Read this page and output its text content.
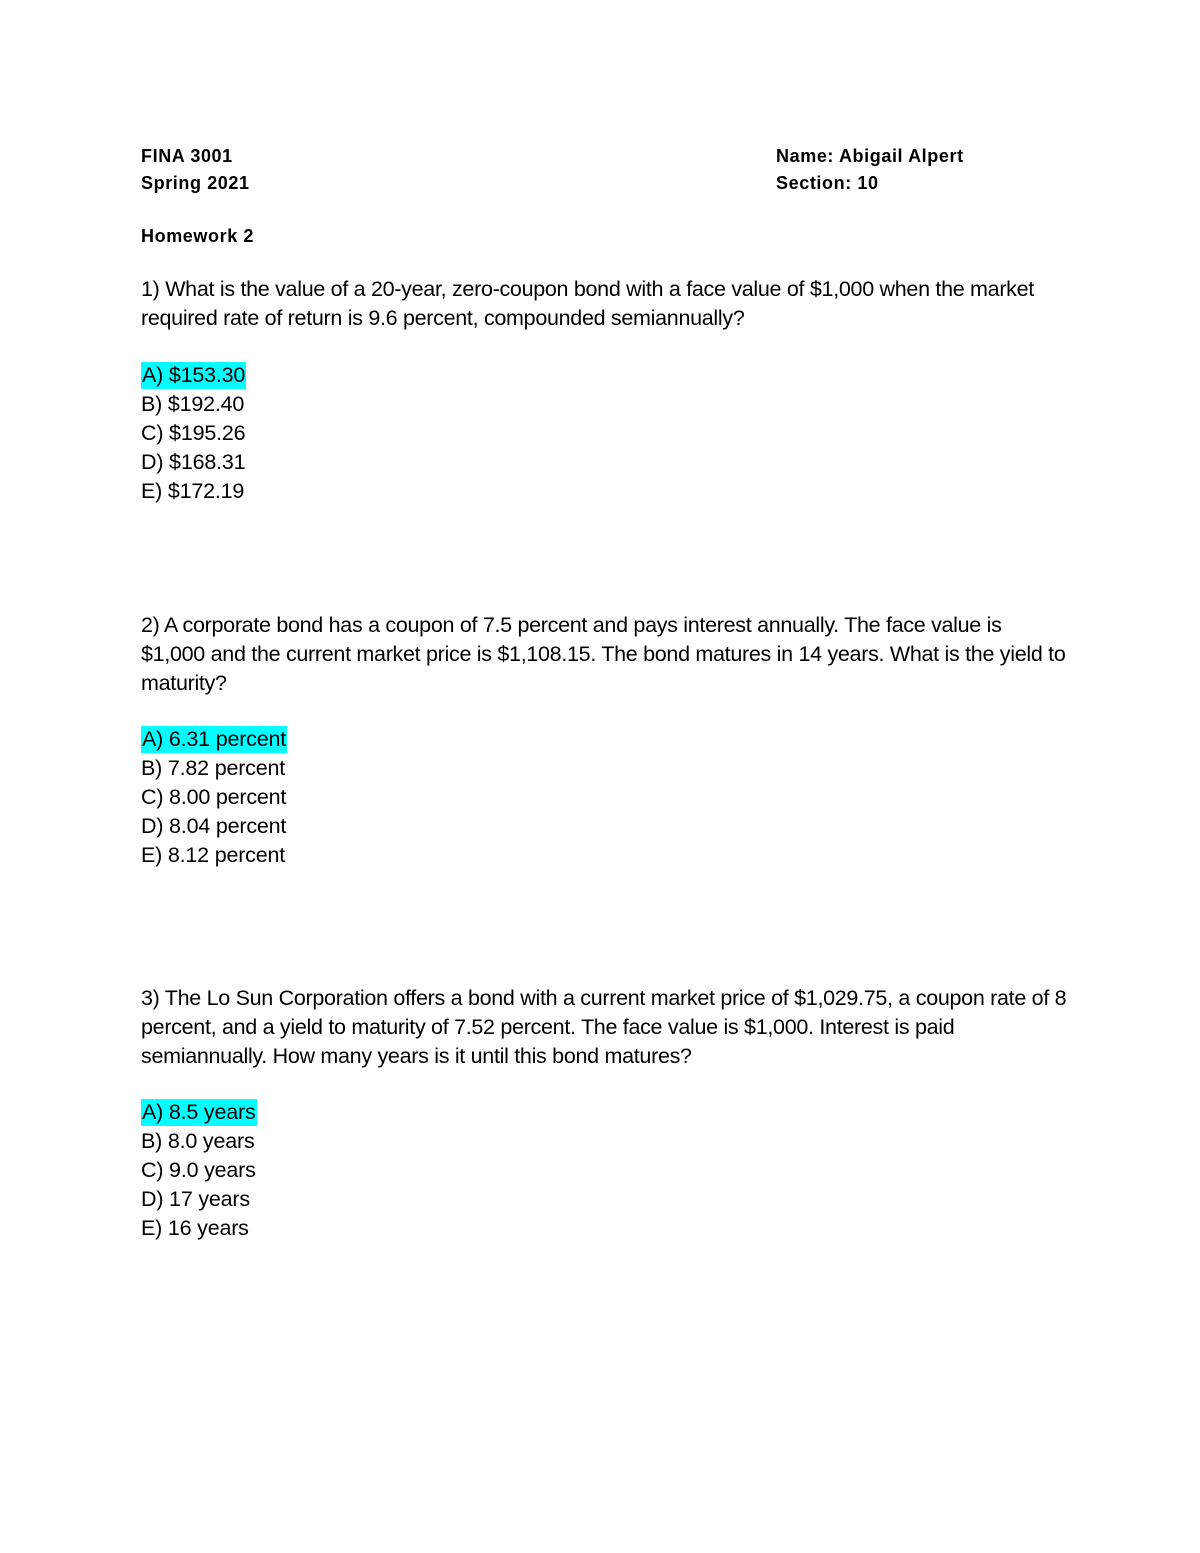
FINA 3001
Spring 2021
Name: Abigail Alpert
Section: 10
Homework 2
1) What is the value of a 20-year, zero-coupon bond with a face value of $1,000 when the market required rate of return is 9.6 percent, compounded semiannually?
A) $153.30
B) $192.40
C) $195.26
D) $168.31
E) $172.19
2) A corporate bond has a coupon of 7.5 percent and pays interest annually. The face value is $1,000 and the current market price is $1,108.15. The bond matures in 14 years. What is the yield to maturity?
A) 6.31 percent
B) 7.82 percent
C) 8.00 percent
D) 8.04 percent
E) 8.12 percent
3) The Lo Sun Corporation offers a bond with a current market price of $1,029.75, a coupon rate of 8 percent, and a yield to maturity of 7.52 percent. The face value is $1,000. Interest is paid semiannually. How many years is it until this bond matures?
A) 8.5 years
B) 8.0 years
C) 9.0 years
D) 17 years
E) 16 years
